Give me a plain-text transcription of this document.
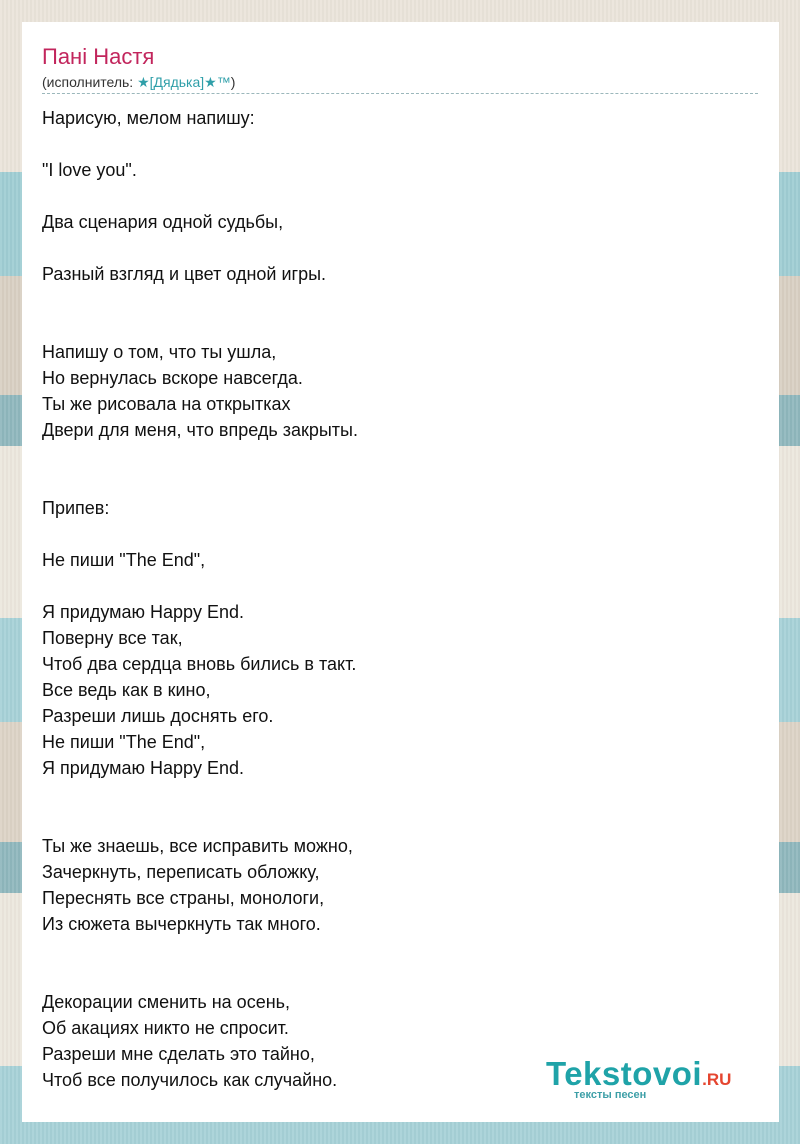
Пані Настя
(исполнитель: ★[Дядька]★™)
Нарисую, мелом напишу:
"I love you".
Два сценария одной судьбы,
Разный взгляд и цвет одной игры.
Напишу о том, что ты ушла,
Но вернулась вскоре навсегда.
Ты же рисовала на открытках
Двери для меня, что впредь закрыты.
Припев:
Не пиши "The End",
Я придумаю Happy End.
Поверну все так,
Чтоб два сердца вновь бились в такт.
Все ведь как в кино,
Разреши лишь доснять его.
Не пиши "The End",
Я придумаю Happy End.
Ты же знаешь, все исправить можно,
Зачеркнуть, переписать обложку,
Переснять все страны, монологи,
Из сюжета вычеркнуть так много.
Декорации сменить на осень,
Об акациях никто не спросит.
Разреши мне сделать это тайно,
Чтоб все получилось как случайно.	Tekstovoi.RU
тексты песен
